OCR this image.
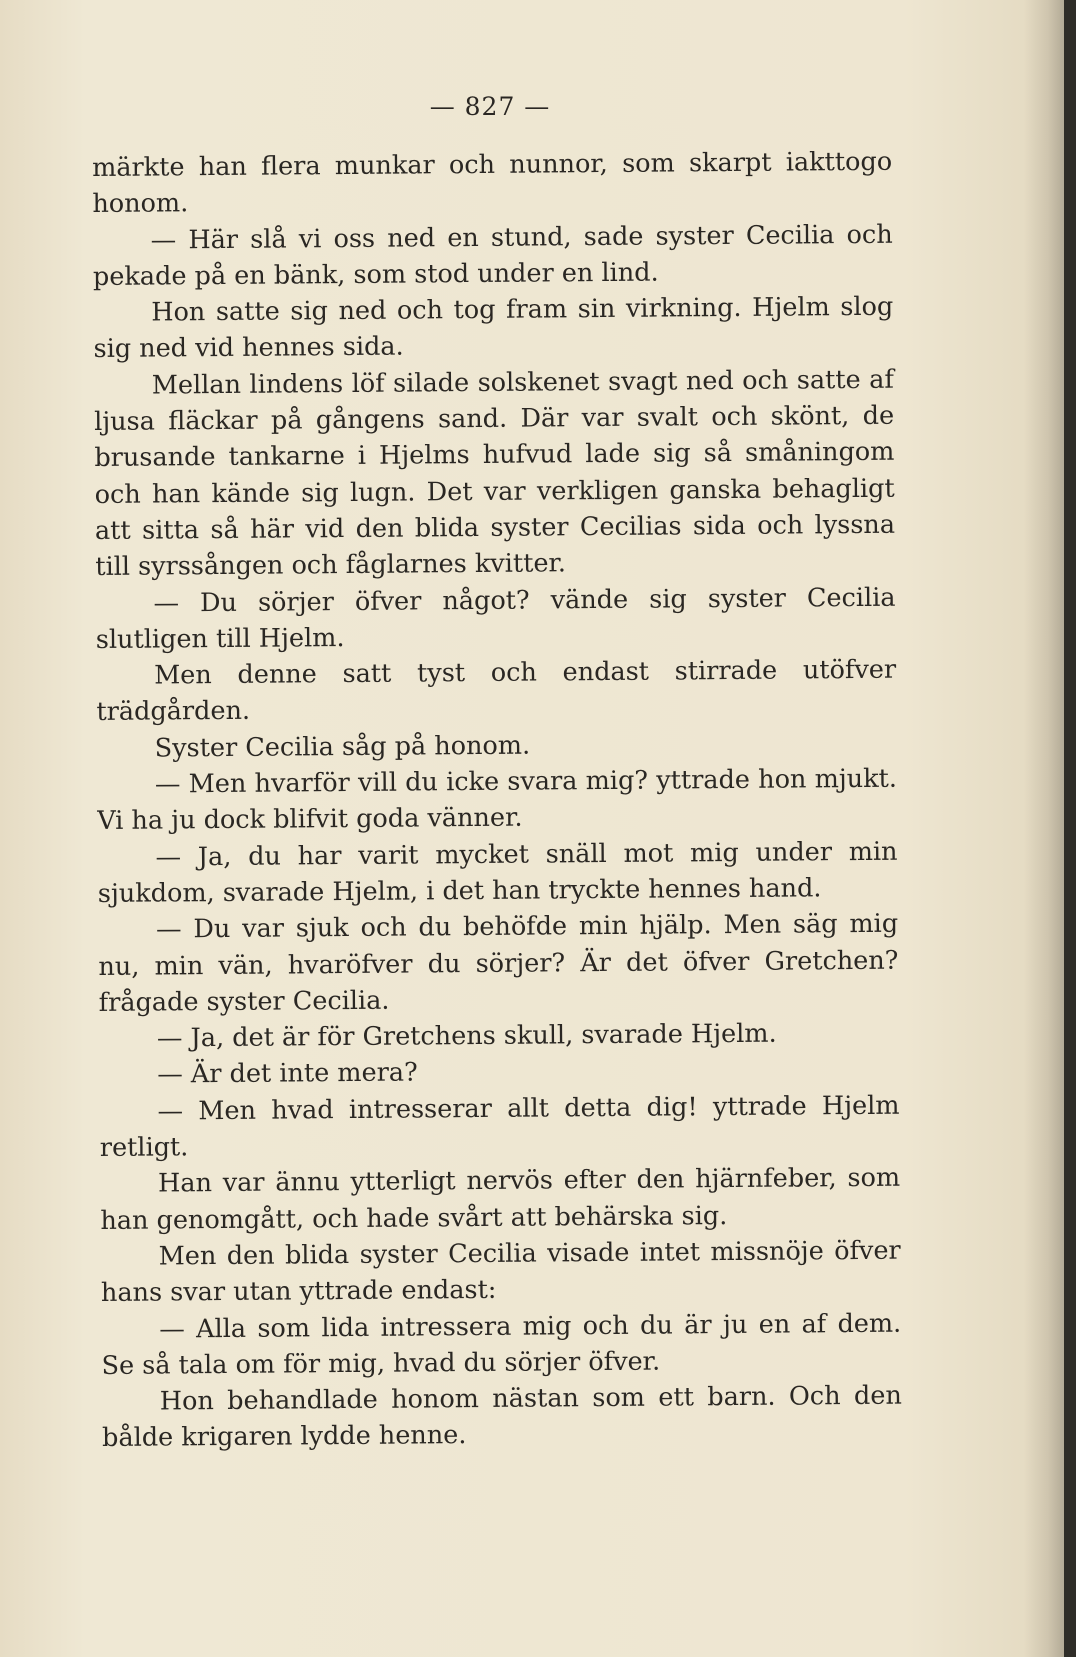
— 827 —

märkte han flera munkar och nunnor, som skarpt iakttogo honom.

— Här slå vi oss ned en stund, sade syster Cecilia och pekade på en bänk, som stod under en lind.

Hon satte sig ned och tog fram sin virkning. Hjelm slog sig ned vid hennes sida.

Mellan lindens löf silade solskenet svagt ned och satte af ljusa fläckar på gångens sand. Där var svalt och skönt, de brusande tankarne i Hjelms hufvud lade sig så småningom och han kände sig lugn. Det var verkligen ganska behagligt att sitta så här vid den blida syster Cecilias sida och lyssna till syrssången och fåglarnes kvitter.

— Du sörjer öfver något? vände sig syster Cecilia slutligen till Hjelm.

Men denne satt tyst och endast stirrade utöfver trädgården.

Syster Cecilia såg på honom.

— Men hvarför vill du icke svara mig? yttrade hon mjukt. Vi ha ju dock blifvit goda vänner.

— Ja, du har varit mycket snäll mot mig under min sjukdom, svarade Hjelm, i det han tryckte hennes hand.

— Du var sjuk och du behöfde min hjälp. Men säg mig nu, min vän, hvaröfver du sörjer? Är det öfver Gretchen? frågade syster Cecilia.

— Ja, det är för Gretchens skull, svarade Hjelm.

— Är det inte mera?

— Men hvad intresserar allt detta dig! yttrade Hjelm retligt.

Han var ännu ytterligt nervös efter den hjärnfeber, som han genomgått, och hade svårt att behärska sig.

Men den blida syster Cecilia visade intet missnöje öfver hans svar utan yttrade endast:

— Alla som lida intressera mig och du är ju en af dem. Se så tala om för mig, hvad du sörjer öfver.

Hon behandlade honom nästan som ett barn. Och den bålde krigaren lydde henne.
